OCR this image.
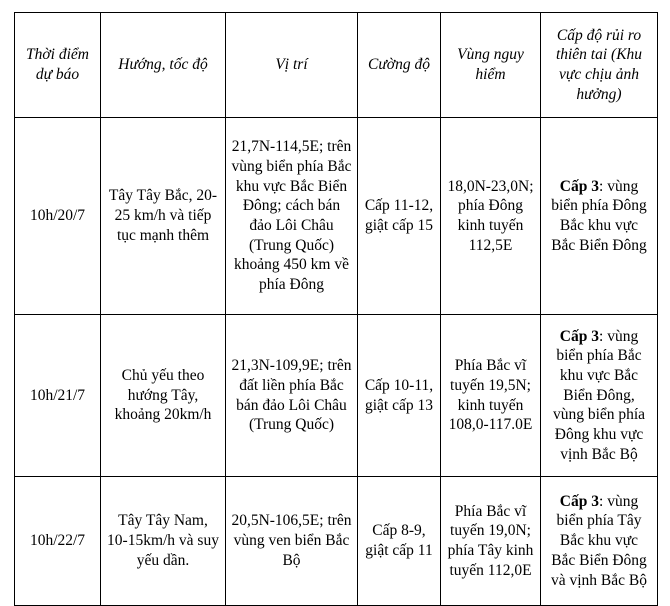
Thời điểm dự báo	Hướng, tốc độ	Vị trí	Cường độ	Vùng nguy hiểm	Cấp độ rủi ro thiên tai (Khu vực chịu ảnh hưởng)
10h/20/7	Tây Tây Bắc, 20-25 km/h và tiếp tục mạnh thêm	21,7N-114,5E; trên vùng biển phía Bắc khu vực Bắc Biển Đông; cách bán đảo Lôi Châu (Trung Quốc) khoảng 450 km về phía Đông	Cấp 11-12, giật cấp 15	18,0N-23,0N; phía Đông kinh tuyến 112,5E	Cấp 3: vùng biển phía Đông Bắc khu vực Bắc Biển Đông
10h/21/7	Chủ yếu theo hướng Tây, khoảng 20km/h	21,3N-109,9E; trên đất liền phía Bắc bán đảo Lôi Châu (Trung Quốc)	Cấp 10-11, giật cấp 13	Phía Bắc vĩ tuyến 19,5N; kinh tuyến 108,0-117.0E	Cấp 3: vùng biển phía Bắc khu vực Bắc Biển Đông, vùng biển phía Đông khu vực vịnh Bắc Bộ
10h/22/7	Tây Tây Nam, 10-15km/h và suy yếu dần.	20,5N-106,5E; trên vùng ven biển Bắc Bộ	Cấp 8-9, giật cấp 11	Phía Bắc vĩ tuyến 19,0N; phía Tây kinh tuyến 112,0E	Cấp 3: vùng biển phía Tây Bắc khu vực Bắc Biển Đông và vịnh Bắc Bộ
